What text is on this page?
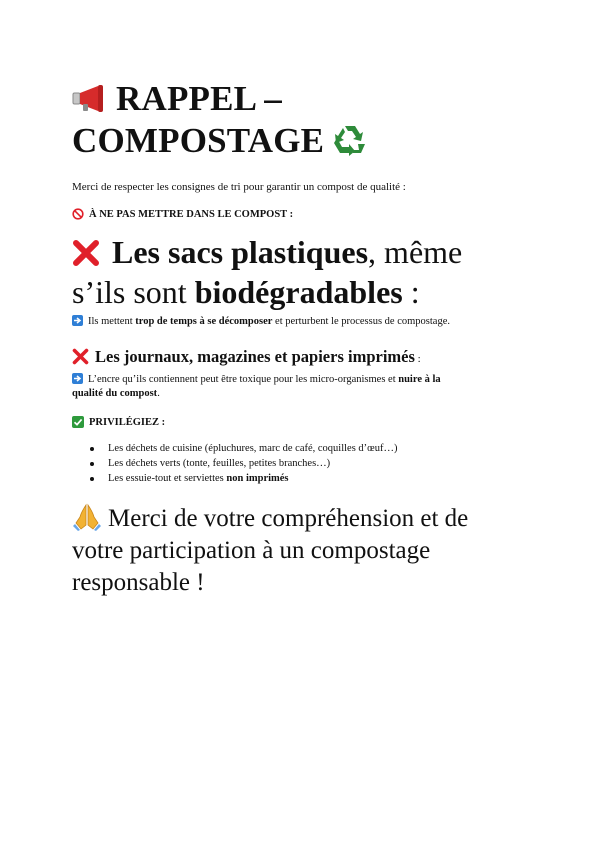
RAPPEL –
COMPOSTAGE
Merci de respecter les consignes de tri pour garantir un compost de qualité :
À NE PAS METTRE DANS LE COMPOST :
Les sacs plastiques, même
s’ils sont biodégradables :
Ils mettent trop de temps à se décomposer et perturbent le processus de compostage.
Les journaux, magazines et papiers imprimés :
L’encre qu’ils contiennent peut être toxique pour les micro-organismes et nuire à la
qualité du compost.
PRIVILÉGIEZ :
Les déchets de cuisine (épluchures, marc de café, coquilles d’œuf…)
Les déchets verts (tonte, feuilles, petites branches…)
Les essuie-tout et serviettes non imprimés
Merci de votre compréhension et de
votre participation à un compostage
responsable !
